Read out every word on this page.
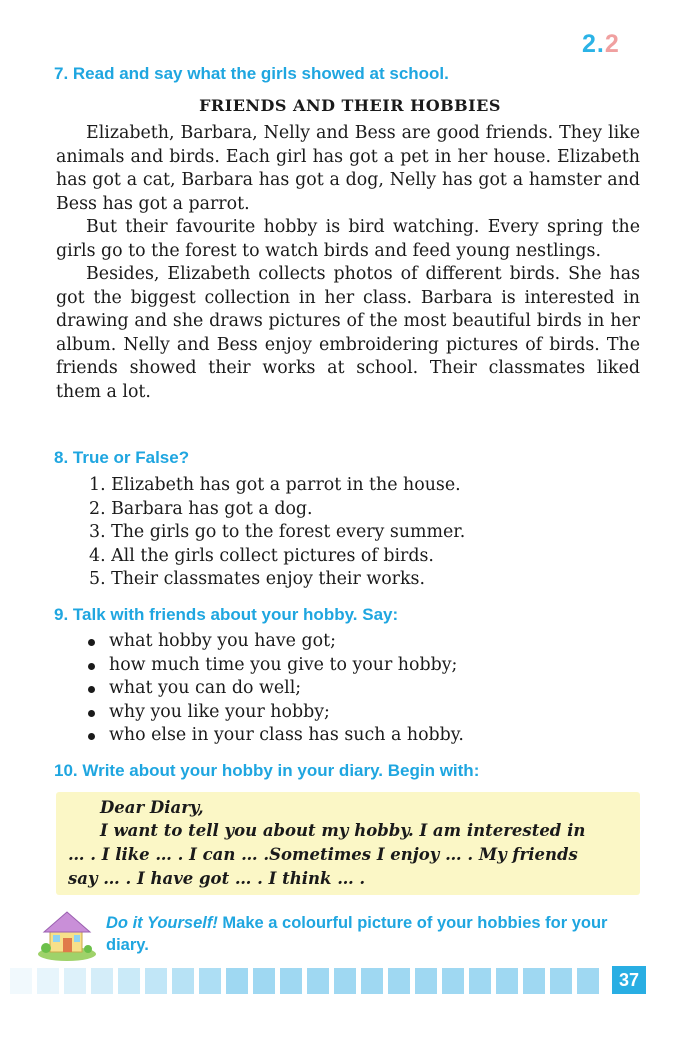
2.2
7. Read and say what the girls showed at school.
FRIENDS AND THEIR HOBBIES

Elizabeth, Barbara, Nelly and Bess are good friends. They like animals and birds. Each girl has got a pet in her house. Elizabeth has got a cat, Barbara has got a dog, Nelly has got a hamster and Bess has got a parrot.

But their favourite hobby is bird watching. Every spring the girls go to the forest to watch birds and feed young nestlings.

Besides, Elizabeth collects photos of different birds. She has got the biggest collection in her class. Barbara is interested in drawing and she draws pictures of the most beautiful birds in her album. Nelly and Bess enjoy embroidering pictures of birds. The friends showed their works at school. Their classmates liked them a lot.

8. True or False?
1. Elizabeth has got a parrot in the house.
2. Barbara has got a dog.
3. The girls go to the forest every summer.
4. All the girls collect pictures of birds.
5. Their classmates enjoy their works.
9. Talk with friends about your hobby. Say:
what hobby you have got;
how much time you give to your hobby;
what you can do well;
why you like your hobby;
who else in your class has such a hobby.
10. Write about your hobby in your diary. Begin with:
Dear Diary,
I want to tell you about my hobby. I am interested in
… . I like … . I can … .Sometimes I enjoy … . My friends
say … . I have got … . I think … .
Do it Yourself! Make a colourful picture of your hobbies for your diary.
37
